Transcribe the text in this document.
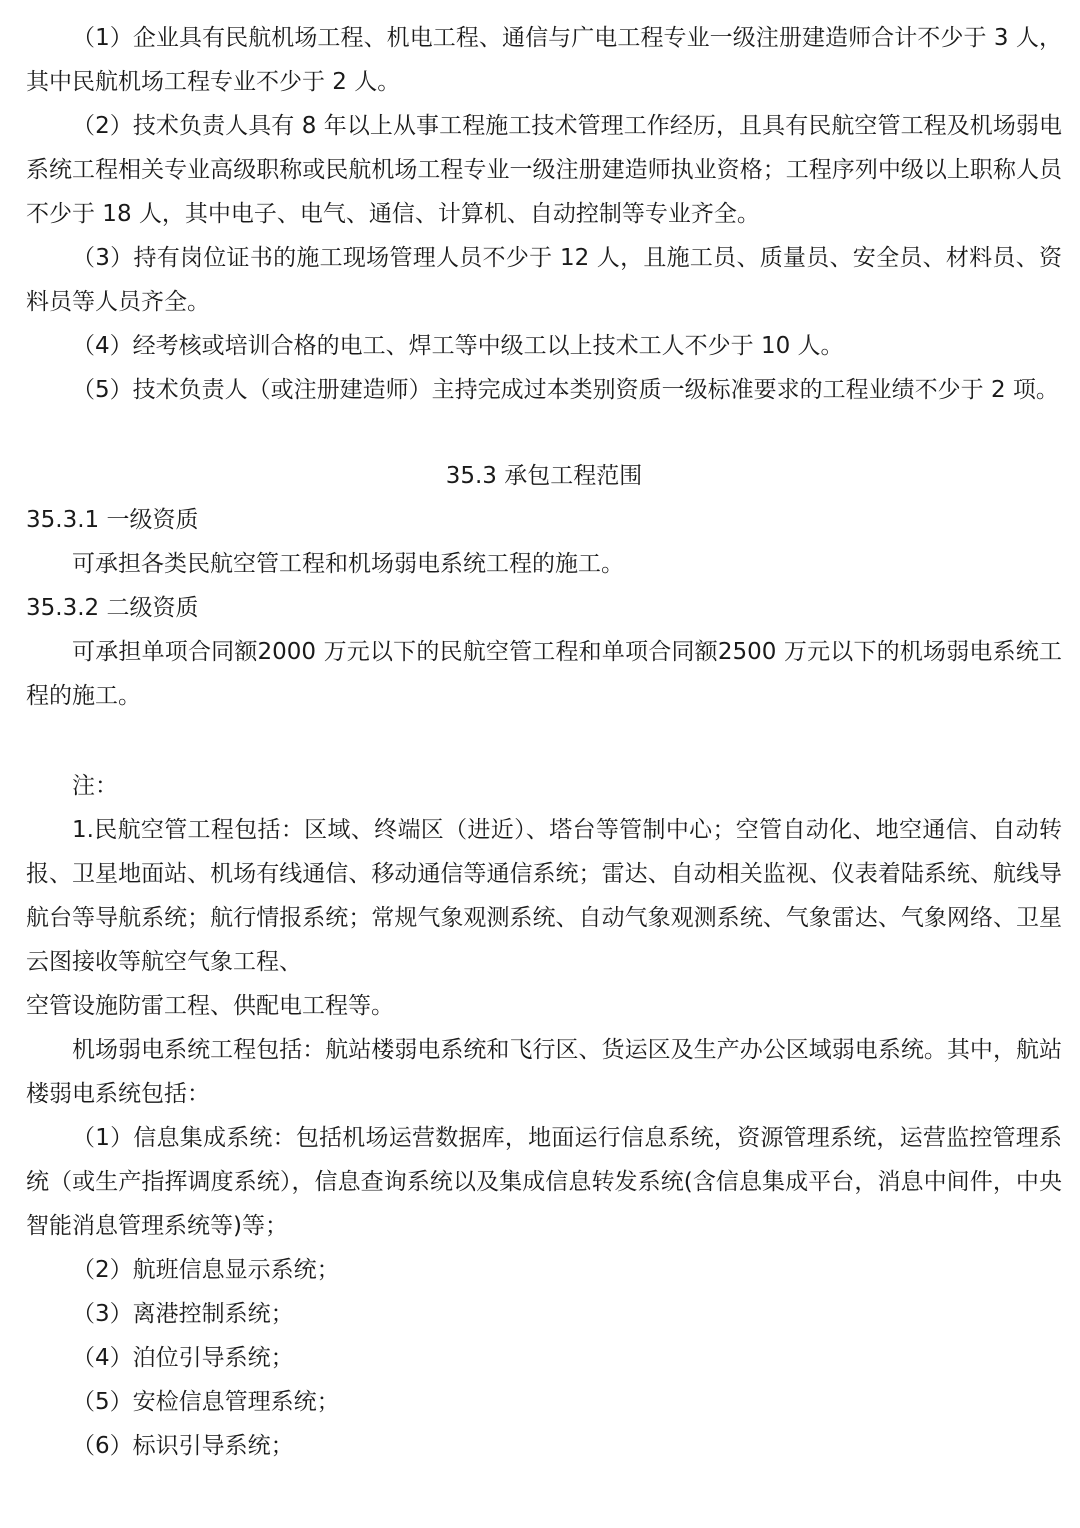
（1）企业具有民航机场工程、机电工程、通信与广电工程专业一级注册建造师合计不少于 3 人，其中民航机场工程专业不少于 2 人。

（2）技术负责人具有 8 年以上从事工程施工技术管理工作经历，且具有民航空管工程及机场弱电系统工程相关专业高级职称或民航机场工程专业一级注册建造师执业资格；工程序列中级以上职称人员不少于 18 人，其中电子、电气、通信、计算机、自动控制等专业齐全。

（3）持有岗位证书的施工现场管理人员不少于 12 人，且施工员、质量员、安全员、材料员、资料员等人员齐全。

（4）经考核或培训合格的电工、焊工等中级工以上技术工人不少于 10 人。

（5）技术负责人（或注册建造师）主持完成过本类别资质一级标准要求的工程业绩不少于 2 项。

35.3 承包工程范围

35.3.1 一级资质

可承担各类民航空管工程和机场弱电系统工程的施工。

35.3.2 二级资质

可承担单项合同额2000 万元以下的民航空管工程和单项合同额2500 万元以下的机场弱电系统工程的施工。

注：

1.民航空管工程包括：区域、终端区（进近）、塔台等管制中心；空管自动化、地空通信、自动转报、卫星地面站、机场有线通信、移动通信等通信系统；雷达、自动相关监视、仪表着陆系统、航线导航台等导航系统；航行情报系统；常规气象观测系统、自动气象观测系统、气象雷达、气象网络、卫星云图接收等航空气象工程、

空管设施防雷工程、供配电工程等。

机场弱电系统工程包括：航站楼弱电系统和飞行区、货运区及生产办公区域弱电系统。其中，航站楼弱电系统包括：

（1）信息集成系统：包括机场运营数据库，地面运行信息系统，资源管理系统，运营监控管理系统（或生产指挥调度系统），信息查询系统以及集成信息转发系统(含信息集成平台，消息中间件，中央智能消息管理系统等)等；

（2）航班信息显示系统；

（3）离港控制系统；

（4）泊位引导系统；

（5）安检信息管理系统；

（6）标识引导系统；
